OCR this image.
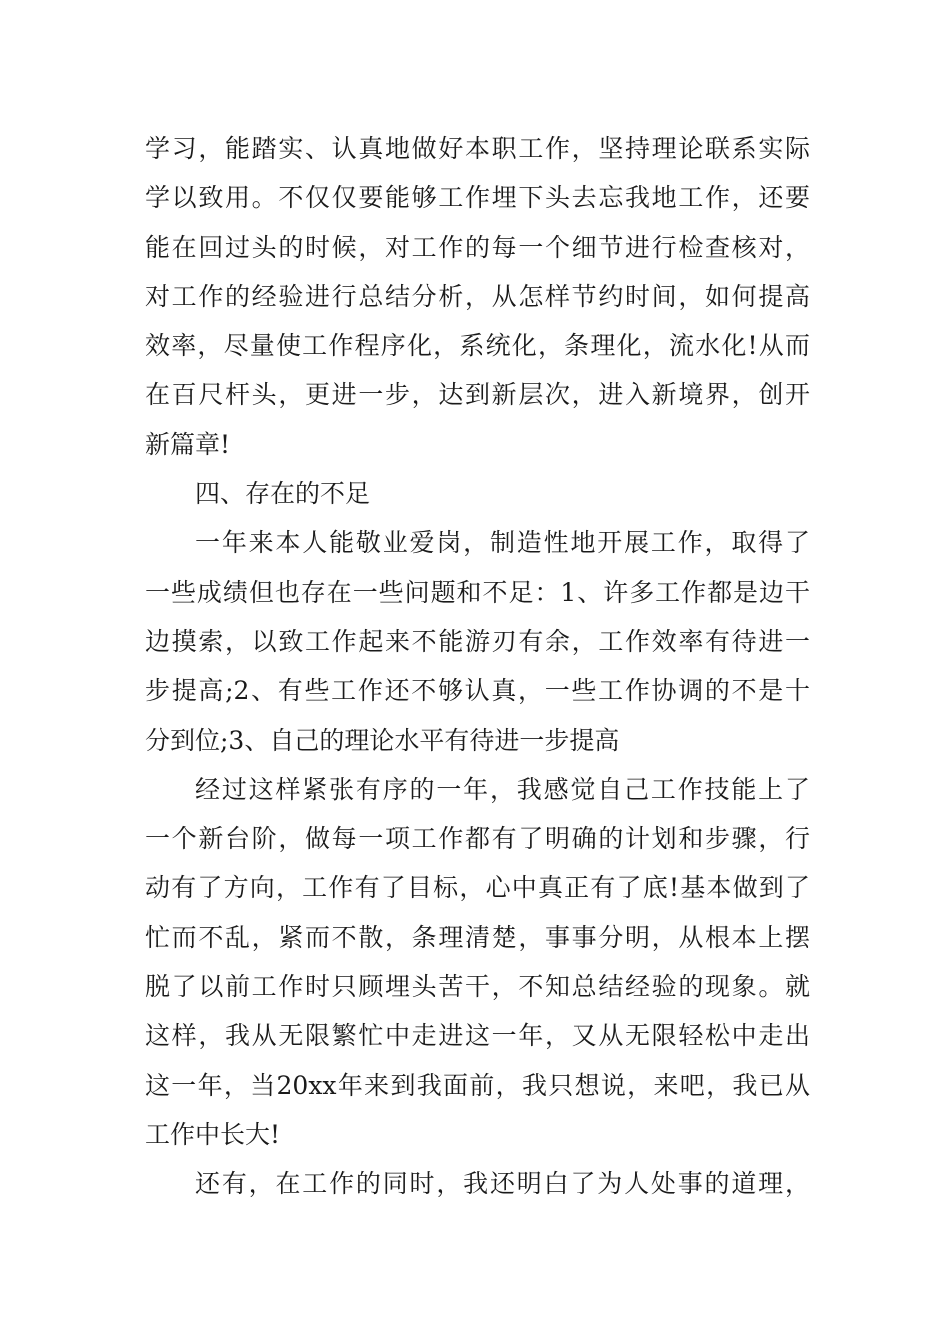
学习，能踏实、认真地做好本职工作，坚持理论联系实际
学以致用。不仅仅要能够工作埋下头去忘我地工作，还要
能在回过头的时候，对工作的每一个细节进行检查核对，
对工作的经验进行总结分析，从怎样节约时间，如何提高
效率，尽量使工作程序化，系统化，条理化，流水化!从而
在百尺杆头，更进一步，达到新层次，进入新境界，创开
新篇章!
四、存在的不足
一年来本人能敬业爱岗，制造性地开展工作，取得了
一些成绩但也存在一些问题和不足：1、许多工作都是边干
边摸索，以致工作起来不能游刃有余，工作效率有待进一
步提高;2、有些工作还不够认真，一些工作协调的不是十
分到位;3、自己的理论水平有待进一步提高
经过这样紧张有序的一年，我感觉自己工作技能上了
一个新台阶，做每一项工作都有了明确的计划和步骤，行
动有了方向，工作有了目标，心中真正有了底!基本做到了
忙而不乱，紧而不散，条理清楚，事事分明，从根本上摆
脱了以前工作时只顾埋头苦干，不知总结经验的现象。就
这样，我从无限繁忙中走进这一年，又从无限轻松中走出
这一年，当20xx年来到我面前，我只想说，来吧，我已从
工作中长大!
还有，在工作的同时，我还明白了为人处事的道理，
